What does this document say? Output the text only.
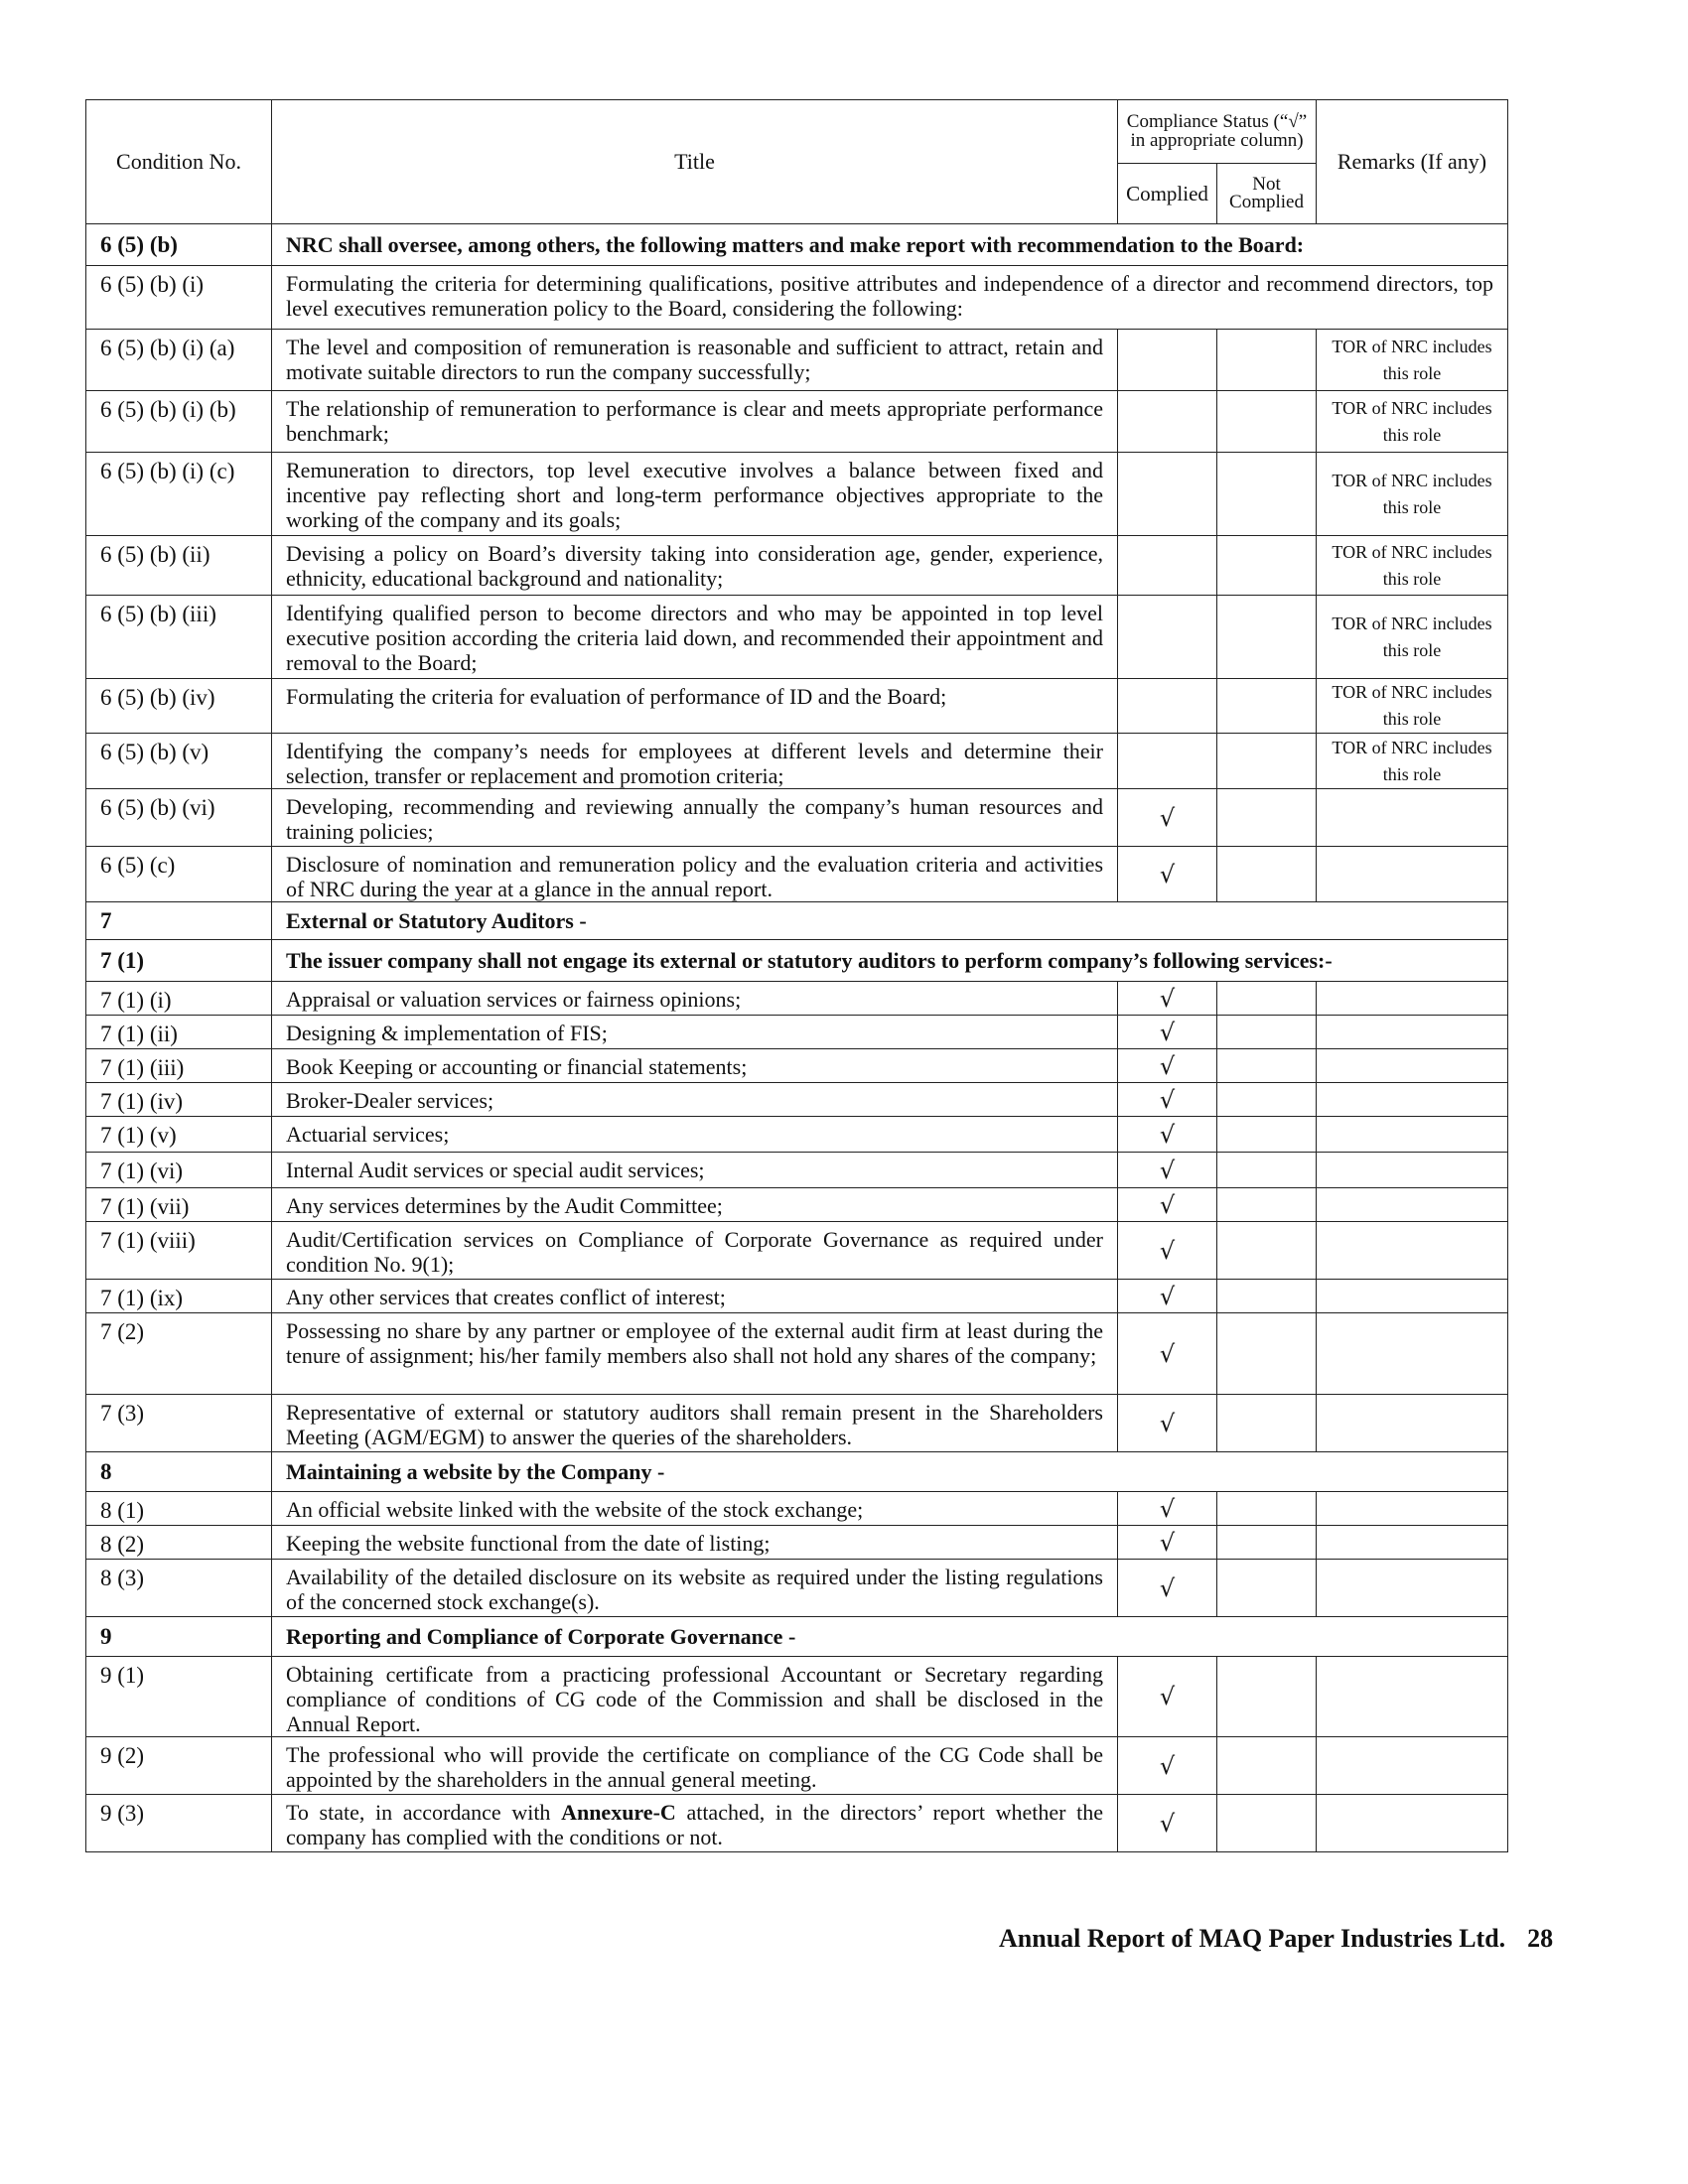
Condition No.	Title	Compliance Status (“√” in appropriate column)		Remarks (If any)
		Complied	Not Complied	
6 (5) (b)	NRC shall oversee, among others, the following matters and make report with recommendation to the Board:			
6 (5) (b) (i)	Formulating the criteria for determining qualifications, positive attributes and independence of a director and recommend directors, top level executives remuneration policy to the Board, considering the following:			
6 (5) (b) (i) (a)	The level and composition of remuneration is reasonable and sufficient to attract, retain and motivate suitable directors to run the company successfully;			TOR of NRC includes this role
6 (5) (b) (i) (b)	The relationship of remuneration to performance is clear and meets appropriate performance benchmark;			TOR of NRC includes this role
6 (5) (b) (i) (c)	Remuneration to directors, top level executive involves a balance between fixed and incentive pay reflecting short and long-term performance objectives appropriate to the working of the company and its goals;			TOR of NRC includes this role
6 (5) (b) (ii)	Devising a policy on Board’s diversity taking into consideration age, gender, experience, ethnicity, educational background and nationality;			TOR of NRC includes this role
6 (5) (b) (iii)	Identifying qualified person to become directors and who may be appointed in top level executive position according the criteria laid down, and recommended their appointment and removal to the Board;			TOR of NRC includes this role
6 (5) (b) (iv)	Formulating the criteria for evaluation of performance of ID and the Board;			TOR of NRC includes this role
6 (5) (b) (v)	Identifying the company’s needs for employees at different levels and determine their selection, transfer or replacement and promotion criteria;			TOR of NRC includes this role
6 (5) (b) (vi)	Developing, recommending and reviewing annually the company’s human resources and training policies;	√		
6 (5) (c)	Disclosure of nomination and remuneration policy and the evaluation criteria and activities of NRC during the year at a glance in the annual report.	√		
7	External or Statutory Auditors -			
7 (1)	The issuer company shall not engage its external or statutory auditors to perform company’s following services:-			
7 (1) (i)	Appraisal or valuation services or fairness opinions;	√		
7 (1) (ii)	Designing & implementation of FIS;	√		
7 (1) (iii)	Book Keeping or accounting or financial statements;	√		
7 (1) (iv)	Broker-Dealer services;	√		
7 (1) (v)	Actuarial services;	√		
7 (1) (vi)	Internal Audit services or special audit services;	√		
7 (1) (vii)	Any services determines by the Audit Committee;	√		
7 (1) (viii)	Audit/Certification services on Compliance of Corporate Governance as required under condition No. 9(1);	√		
7 (1) (ix)	Any other services that creates conflict of interest;	√		
7 (2)	Possessing no share by any partner or employee of the external audit firm at least during the tenure of assignment; his/her family members also shall not hold any shares of the company;	√		
7 (3)	Representative of external or statutory auditors shall remain present in the Shareholders Meeting (AGM/EGM) to answer the queries of the shareholders.	√		
8	Maintaining a website by the Company -			
8 (1)	An official website linked with the website of the stock exchange;	√		
8 (2)	Keeping the website functional from the date of listing;	√		
8 (3)	Availability of the detailed disclosure on its website as required under the listing regulations of the concerned stock exchange(s).	√		
9	Reporting and Compliance of Corporate Governance -			
9 (1)	Obtaining certificate from a practicing professional Accountant or Secretary regarding compliance of conditions of CG code of the Commission and shall be disclosed in the Annual Report.	√		
9 (2)	The professional who will provide the certificate on compliance of the CG Code shall be appointed by the shareholders in the annual general meeting.	√		
9 (3)	To state, in accordance with Annexure-C attached, in the directors’ report whether the company has complied with the conditions or not.	√		
Annual Report of MAQ Paper Industries Ltd. 28
